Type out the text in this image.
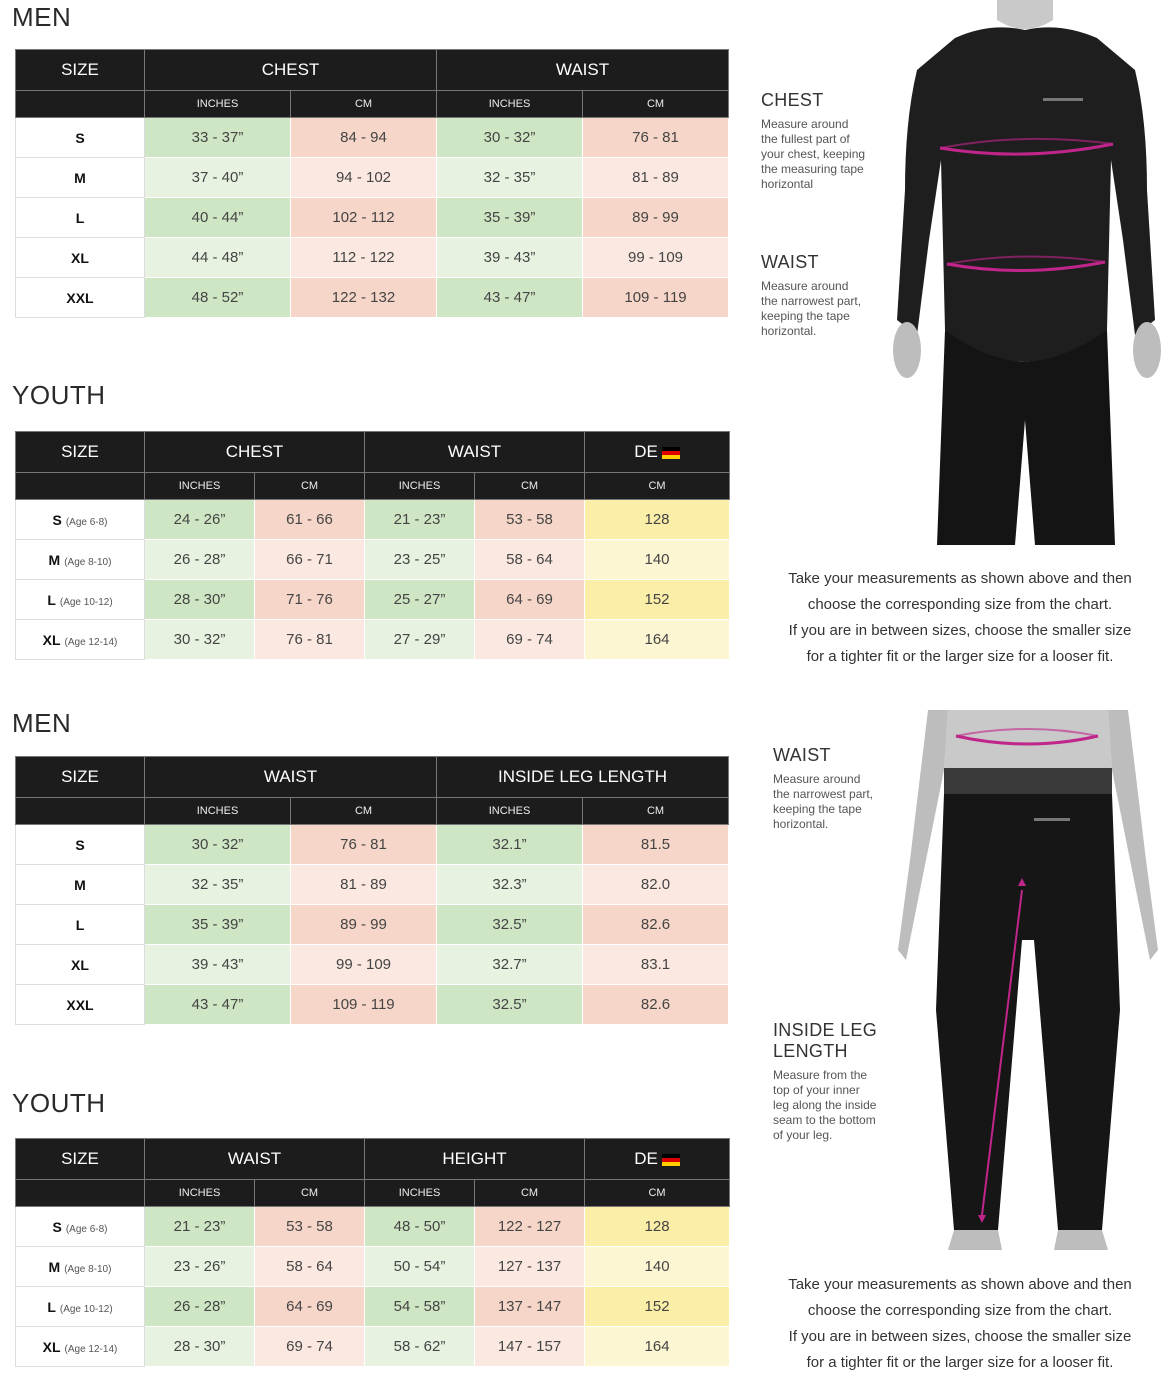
MEN
SIZE	CHEST		WAIST	
	INCHES	CM	INCHES	CM
S	33 - 37”	84 - 94	30 - 32”	76 - 81
M	37 - 40”	94 - 102	32 - 35”	81 - 89
L	40 - 44”	102 - 112	35 - 39”	89 - 99
XL	44 - 48”	112 - 122	39 - 43”	99 - 109
XXL	48 - 52”	122 - 132	43 - 47”	109 - 119
YOUTH
SIZE	CHEST		WAIST		DE
	INCHES	CM	INCHES	CM	CM
S (Age 6-8)	24 - 26”	61 - 66	21 - 23”	53 - 58	128
M (Age 8-10)	26 - 28”	66 - 71	23 - 25”	58 - 64	140
L (Age 10-12)	28 - 30”	71 - 76	25 - 27”	64 - 69	152
XL (Age 12-14)	30 - 32”	76 - 81	27 - 29”	69 - 74	164
MEN
SIZE	WAIST		INSIDE LEG LENGTH	
	INCHES	CM	INCHES	CM
S	30 - 32”	76 - 81	32.1”	81.5
M	32 - 35”	81 - 89	32.3”	82.0
L	35 - 39”	89 - 99	32.5”	82.6
XL	39 - 43”	99 - 109	32.7”	83.1
XXL	43 - 47”	109 - 119	32.5”	82.6
YOUTH
SIZE	WAIST		HEIGHT		DE
	INCHES	CM	INCHES	CM	CM
S (Age 6-8)	21 - 23”	53 - 58	48 - 50”	122 - 127	128
M (Age 8-10)	23 - 26”	58 - 64	50 - 54”	127 - 137	140
L (Age 10-12)	26 - 28”	64 - 69	54 - 58”	137 - 147	152
XL (Age 12-14)	28 - 30”	69 - 74	58 - 62”	147 - 157	164
CHEST
Measure around
the fullest part of
your chest, keeping
the measuring tape
horizontal
WAIST
Measure around
the narrowest part,
keeping the tape
horizontal.
Take your measurements as shown above and then
choose the corresponding size from the chart.
If you are in between sizes, choose the smaller size
for a tighter fit or the larger size for a looser fit.
WAIST
Measure around
the narrowest part,
keeping the tape
horizontal.
INSIDE LEG
LENGTH
Measure from the
top of your inner
leg along the inside
seam to the bottom
of your leg.
Take your measurements as shown above and then
choose the corresponding size from the chart.
If you are in between sizes, choose the smaller size
for a tighter fit or the larger size for a looser fit.
